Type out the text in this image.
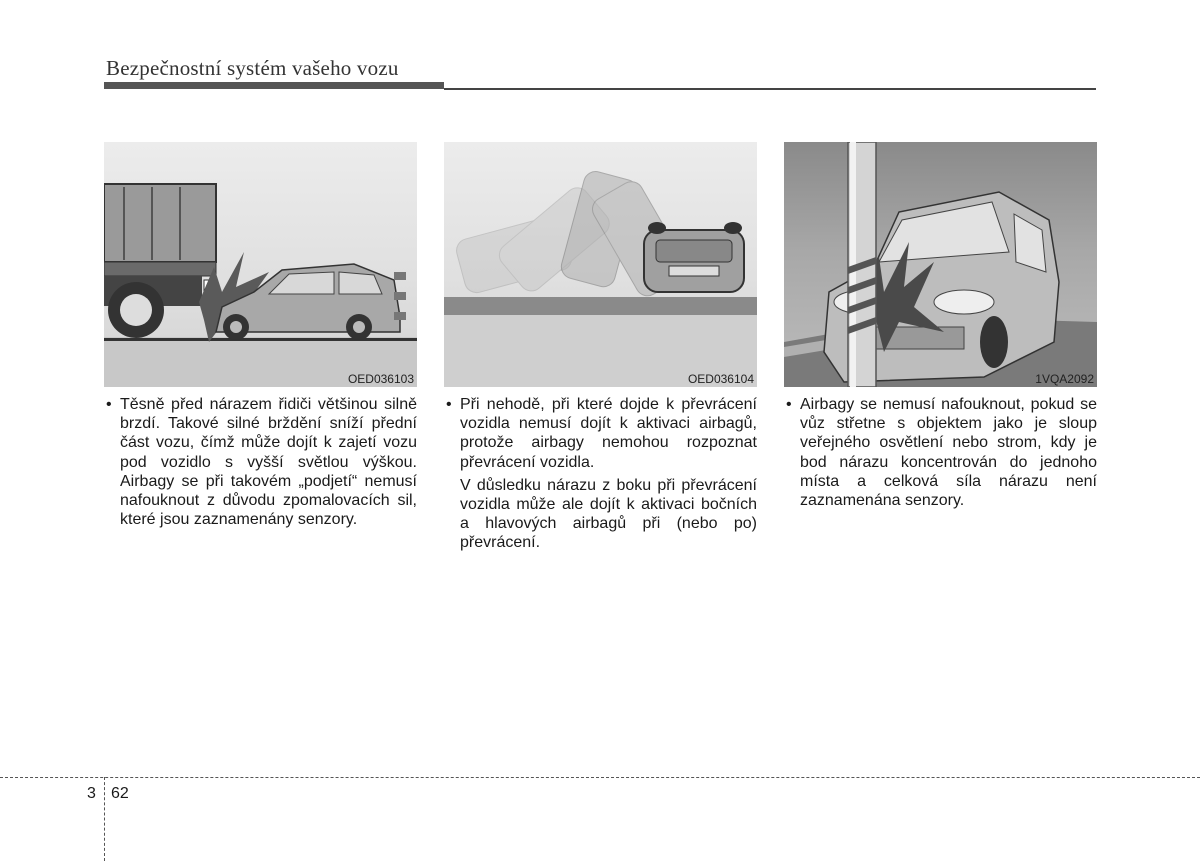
Bezpečnostní systém vašeho vozu
OED036103	OED036104	1VQA2092

• Těsně před nárazem řidiči většinou silně brzdí. Takové silné brždění sníží přední část vozu, čímž může dojít k zajetí vozu pod vozidlo s vyšší světlou výškou. Airbagy se při takovém „podjetí“ nemusí nafouknout z důvodu zpomalovacích sil, které jsou zaznamenány senzory.

• Při nehodě, při které dojde k převrácení vozidla nemusí dojít k aktivaci airbagů, protože airbagy nemohou rozpoznat převrácení vozidla.

V důsledku nárazu z boku při převrácení vozidla může ale dojít k aktivaci bočních a hlavových airbagů při (nebo po) převrácení.

• Airbagy se nemusí nafouknout, pokud se vůz střetne s objektem jako je sloup veřejného osvětlení nebo strom, kdy je bod nárazu koncentrován do jednoho místa a celková síla nárazu není zaznamenána senzory.

3 62
